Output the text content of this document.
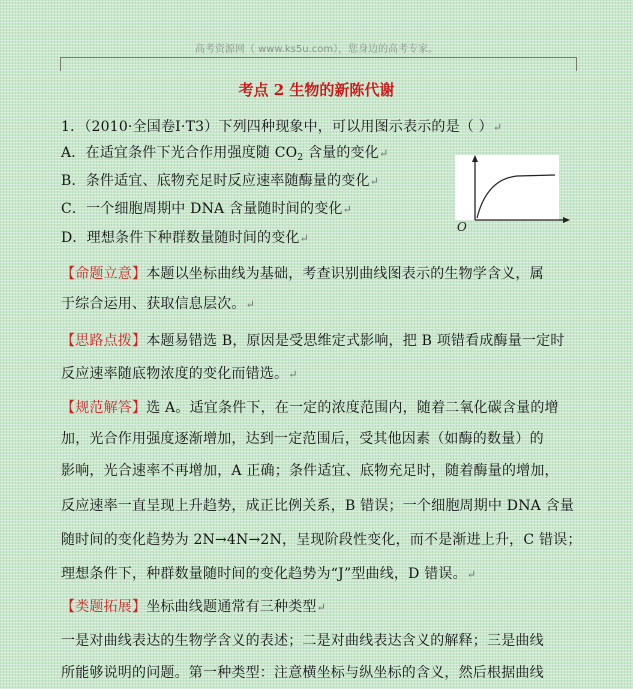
高考资源网（ www.ks5u.com），您身边的高考专家。
考点 2 生物的新陈代谢
1．（2010·全国卷Ⅰ·T3）下列四种现象中，可以用图示表示的是（ ）↵
A．在适宜条件下光合作用强度随 $CO_2$ 含量的变化↵
B．条件适宜、底物充足时反应速率随酶量的变化↵
C．一个细胞周期中 DNA 含量随时间的变化↵
D．理想条件下种群数量随时间的变化↵
O
【命题立意】本题以坐标曲线为基础，考查识别曲线图表示的生物学含义，属
于综合运用、获取信息层次。↵
【思路点拨】本题易错选 B，原因是受思维定式影响，把 B 项错看成酶量一定时
反应速率随底物浓度的变化而错选。↵
【规范解答】选 A。适宜条件下，在一定的浓度范围内，随着二氧化碳含量的增
加，光合作用强度逐渐增加，达到一定范围后，受其他因素（如酶的数量）的
影响，光合速率不再增加，A 正确；条件适宜、底物充足时，随着酶量的增加，
反应速率一直呈现上升趋势，成正比例关系，B 错误；一个细胞周期中 DNA 含量
随时间的变化趋势为 2N→4N→2N，呈现阶段性变化，而不是渐进上升，C 错误；
理想条件下，种群数量随时间的变化趋势为“J”型曲线，D 错误。↵
【类题拓展】坐标曲线题通常有三种类型↵
一是对曲线表达的生物学含义的表述；二是对曲线表达含义的解释；三是曲线
所能够说明的问题。第一种类型：注意横坐标与纵坐标的含义，然后根据曲线
